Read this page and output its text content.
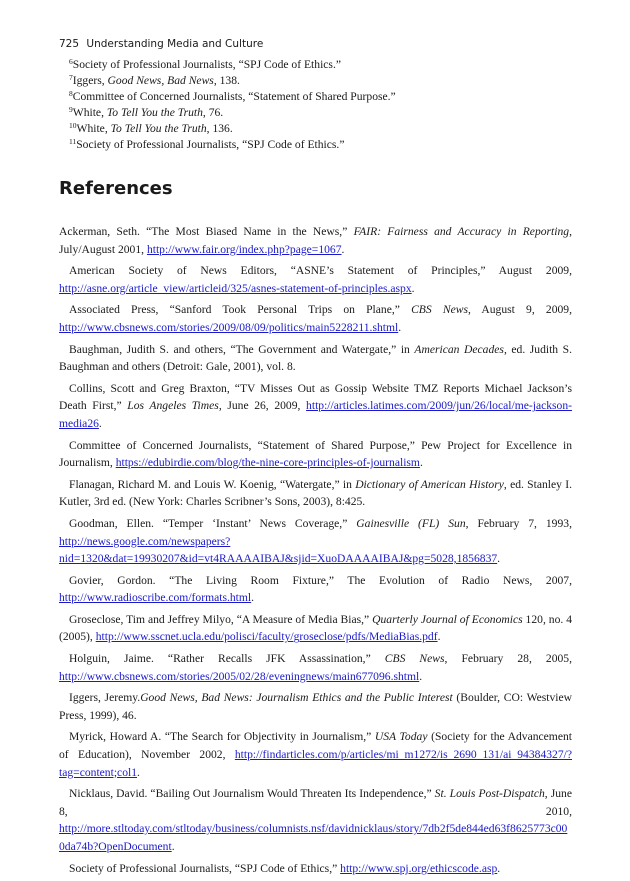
725 Understanding Media and Culture
$^6$Society of Professional Journalists, “SPJ Code of Ethics.”
$^7$Iggers, Good News, Bad News, 138.
$^8$Committee of Concerned Journalists, “Statement of Shared Purpose.”
$^9$White, To Tell You the Truth, 76.
$^{10}$White, To Tell You the Truth, 136.
$^{11}$Society of Professional Journalists, “SPJ Code of Ethics.”
References

Ackerman, Seth. “The Most Biased Name in the News,” FAIR: Fairness and Accuracy in Reporting, July/August 2001, http://www.fair.org/index.php?page=1067.

American Society of News Editors, “ASNE’s Statement of Principles,” August 2009, http://asne.org/article_view/articleid/325/asnes-statement-of-principles.aspx.

Associated Press, “Sanford Took Personal Trips on Plane,” CBS News, August 9, 2009, http://www.cbsnews.com/stories/2009/08/09/politics/main5228211.shtml.

Baughman, Judith S. and others, “The Government and Watergate,” in American Decades, ed. Judith S. Baughman and others (Detroit: Gale, 2001), vol. 8.

Collins, Scott and Greg Braxton, “TV Misses Out as Gossip Website TMZ Reports Michael Jackson’s Death First,” Los Angeles Times, June 26, 2009, http://articles.latimes.com/2009/jun/26/local/me-jackson-media26.

Committee of Concerned Journalists, “Statement of Shared Purpose,” Pew Project for Excellence in Journalism, https://edubirdie.com/blog/the-nine-core-principles-of-journalism.

Flanagan, Richard M. and Louis W. Koenig, “Watergate,” in Dictionary of American History, ed. Stanley I. Kutler, 3rd ed. (New York: Charles Scribner’s Sons, 2003), 8:425.

Goodman, Ellen. “Temper ‘Instant’ News Coverage,” Gainesville (FL) Sun, February 7, 1993, http://news.google.com/newspapers?nid=1320&dat=19930207&id=vt4RAAAAIBAJ&sjid=XuoDAAAAIBAJ&pg=5028,1856837.

Govier, Gordon. “The Living Room Fixture,” The Evolution of Radio News, 2007, http://www.radioscribe.com/formats.html.

Groseclose, Tim and Jeffrey Milyo, “A Measure of Media Bias,” Quarterly Journal of Economics 120, no. 4 (2005), http://www.sscnet.ucla.edu/polisci/faculty/groseclose/pdfs/MediaBias.pdf.

Holguin, Jaime. “Rather Recalls JFK Assassination,” CBS News, February 28, 2005, http://www.cbsnews.com/stories/2005/02/28/eveningnews/main677096.shtml.

Iggers, Jeremy.Good News, Bad News: Journalism Ethics and the Public Interest (Boulder, CO: Westview Press, 1999), 46.

Myrick, Howard A. “The Search for Objectivity in Journalism,” USA Today (Society for the Advancement of Education), November 2002, http://findarticles.com/p/articles/mi_m1272/is_2690_131/ai_94384327/?tag=content;col1.

Nicklaus, David. “Bailing Out Journalism Would Threaten Its Independence,” St. Louis Post-Dispatch, June 8, 2010, http://more.stltoday.com/stltoday/business/columnists.nsf/davidnicklaus/story/7db2f5de844ed63f8625773c000da74b?OpenDocument.

Society of Professional Journalists, “SPJ Code of Ethics,” http://www.spj.org/ethicscode.asp.
